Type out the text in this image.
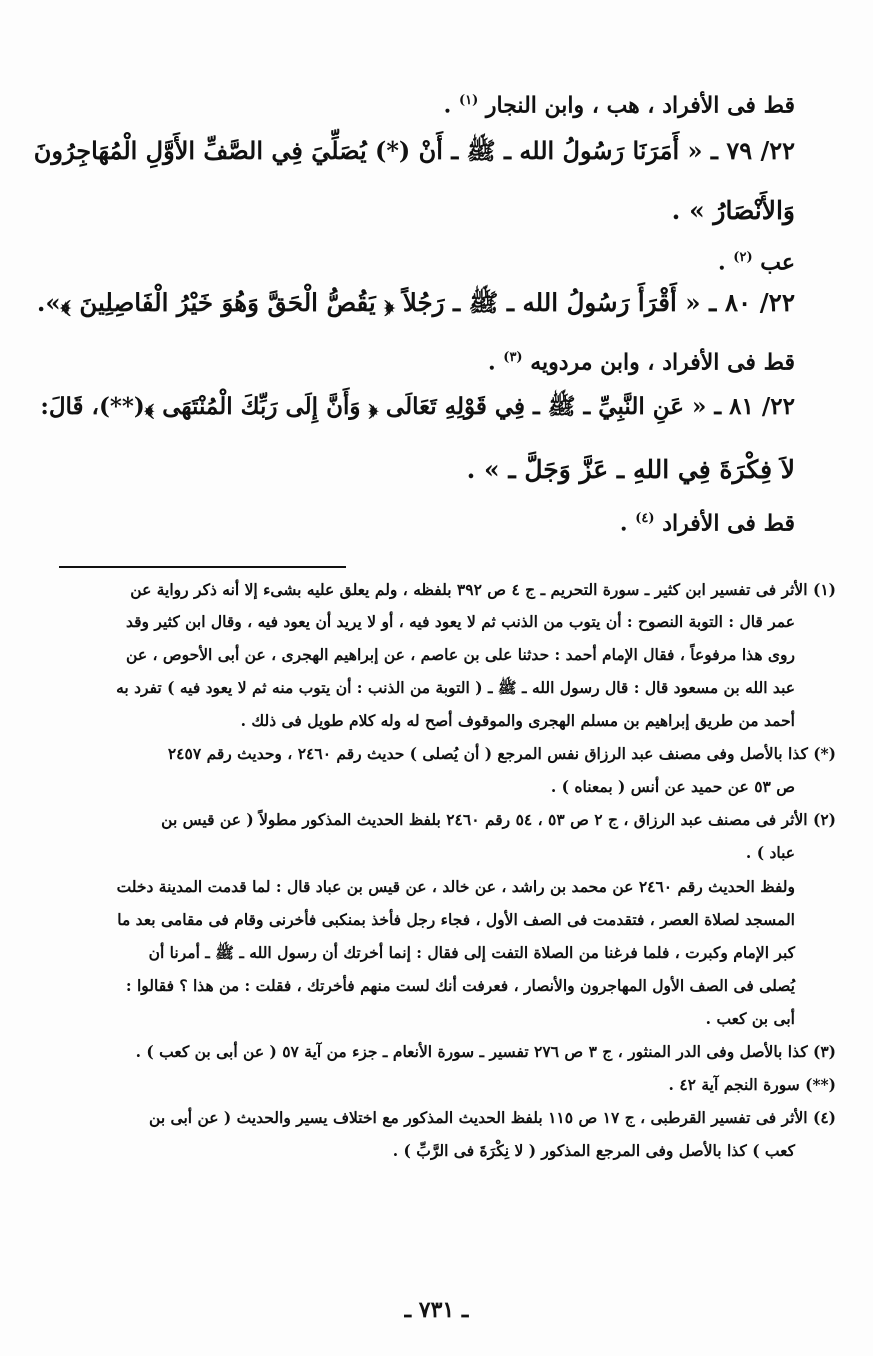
قط فى الأفراد ، هب ، وابن النجار $^{(١)}$ .
٢٢/ ٧٩ ـ « أَمَرَنَا رَسُولُ الله ـ ﷺ ـ أَنْ (*) يُصَلِّيَ فِي الصَّفِّ الأَوَّلِ الْمُهَاجِرُونَ
وَالأَنْصَارُ » .
عب $^{(٢)}$ .
٢٢/ ٨٠ ـ « أَقْرَأَ رَسُولُ الله ـ ﷺ ـ رَجُلاً ﴿ يَقُصُّ الْحَقَّ وَهُوَ خَيْرُ الْفَاصِلِينَ ﴾».
قط فى الأفراد ، وابن مردويه $^{(٣)}$ .
٢٢/ ٨١ ـ « عَنِ النَّبِيِّ ـ ﷺ ـ فِي قَوْلِهِ تَعَالَى ﴿ وَأَنَّ إِلَى رَبِّكَ الْمُنْتَهَى ﴾(**)، قَالَ:
لاَ فِكْرَةَ فِي اللهِ ـ عَزَّ وَجَلَّ ـ » .
قط فى الأفراد $^{(٤)}$ .
(١) الأثر فى تفسير ابن كثير ـ سورة التحريم ـ ج ٤ ص ٣٩٢ بلفظه ، ولم يعلق عليه بشىء إلا أنه ذكر رواية عن
عمر قال : التوبة النصوح : أن يتوب من الذنب ثم لا يعود فيه ، أو لا يريد أن يعود فيه ، وقال ابن كثير وقد
روى هذا مرفوعاً ، فقال الإمام أحمد : حدثنا على بن عاصم ، عن إبراهيم الهجرى ، عن أبى الأحوص ، عن
عبد الله بن مسعود قال : قال رسول الله ـ ﷺ ـ ( التوبة من الذنب : أن يتوب منه ثم لا يعود فيه ) تفرد به
أحمد من طريق إبراهيم بن مسلم الهجرى والموقوف أصح له وله كلام طويل فى ذلك .
(*) كذا بالأصل وفى مصنف عبد الرزاق نفس المرجع ( أن يُصلى ) حديث رقم ٢٤٦٠ ، وحديث رقم ٢٤٥٧
ص ٥٣ عن حميد عن أنس ( بمعناه ) .
(٢) الأثر فى مصنف عبد الرزاق ، ج ٢ ص ٥٣ ، ٥٤ رقم ٢٤٦٠ بلفظ الحديث المذكور مطولاً ( عن قيس بن
عباد ) .
ولفظ الحديث رقم ٢٤٦٠ عن محمد بن راشد ، عن خالد ، عن قيس بن عباد قال : لما قدمت المدينة دخلت
المسجد لصلاة العصر ، فتقدمت فى الصف الأول ، فجاء رجل فأخذ بمنكبى فأخرنى وقام فى مقامى بعد ما
كبر الإمام وكبرت ، فلما فرغنا من الصلاة التفت إلى فقال : إنما أخرتك أن رسول الله ـ ﷺ ـ أمرنا أن
يُصلى فى الصف الأول المهاجرون والأنصار ، فعرفت أنك لست منهم فأخرتك ، فقلت : من هذا ؟ فقالوا :
أبى بن كعب .
(٣) كذا بالأصل وفى الدر المنثور ، ج ٣ ص ٢٧٦ تفسير ـ سورة الأنعام ـ جزء من آية ٥٧ ( عن أبى بن كعب ) .
(**) سورة النجم آية ٤٢ .
(٤) الأثر فى تفسير القرطبى ، ج ١٧ ص ١١٥ بلفظ الحديث المذكور مع اختلاف يسير والحديث ( عن أبى بن
كعب ) كذا بالأصل وفى المرجع المذكور ( لا نِكْرَةَ فى الرَّبِّ ) .
ـ ٧٣١ ـ
